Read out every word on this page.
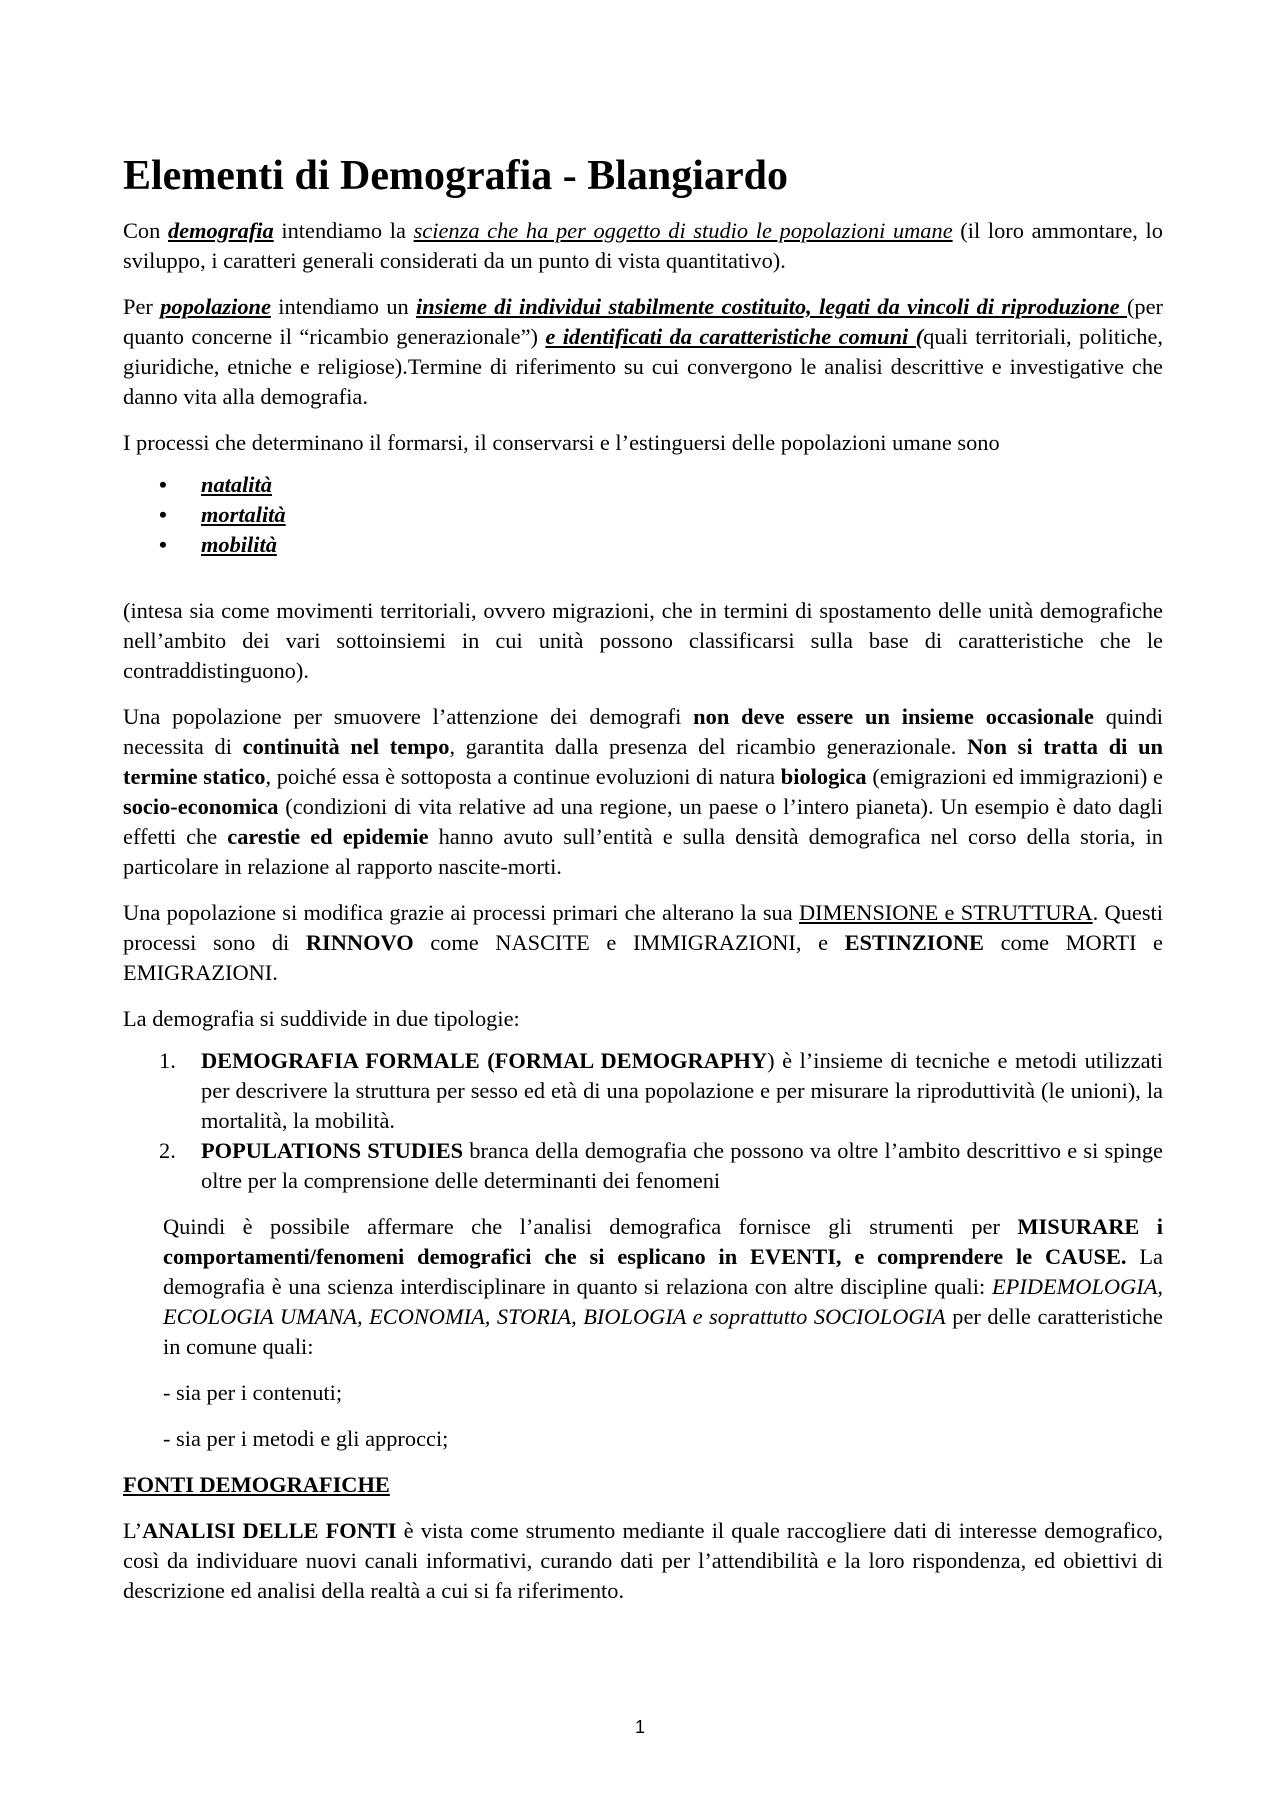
Elementi di Demografia - Blangiardo

Con demografia intendiamo la scienza che ha per oggetto di studio le popolazioni umane (il loro ammontare, lo sviluppo, i caratteri generali considerati da un punto di vista quantitativo).

Per popolazione intendiamo un insieme di individui stabilmente costituito, legati da vincoli di riproduzione (per quanto concerne il “ricambio generazionale”) e identificati da caratteristiche comuni (quali territoriali, politiche, giuridiche, etniche e religiose).Termine di riferimento su cui convergono le analisi descrittive e investigative che danno vita alla demografia.

I processi che determinano il formarsi, il conservarsi e l’estinguersi delle popolazioni umane sono

• natalità
• mortalità
• mobilità

(intesa sia come movimenti territoriali, ovvero migrazioni, che in termini di spostamento delle unità demografiche nell’ambito dei vari sottoinsiemi in cui unità possono classificarsi sulla base di caratteristiche che le contraddistinguono).

Una popolazione per smuovere l’attenzione dei demografi non deve essere un insieme occasionale quindi necessita di continuità nel tempo, garantita dalla presenza del ricambio generazionale. Non si tratta di un termine statico, poiché essa è sottoposta a continue evoluzioni di natura biologica (emigrazioni ed immigrazioni) e socio-economica (condizioni di vita relative ad una regione, un paese o l’intero pianeta). Un esempio è dato dagli effetti che carestie ed epidemie hanno avuto sull’entità e sulla densità demografica nel corso della storia, in particolare in relazione al rapporto nascite-morti.

Una popolazione si modifica grazie ai processi primari che alterano la sua DIMENSIONE e STRUTTURA. Questi processi sono di RINNOVO come NASCITE e IMMIGRAZIONI, e ESTINZIONE come MORTI e EMIGRAZIONI.

La demografia si suddivide in due tipologie:

1. DEMOGRAFIA FORMALE (FORMAL DEMOGRAPHY) è l’insieme di tecniche e metodi utilizzati per descrivere la struttura per sesso ed età di una popolazione e per misurare la riproduttività (le unioni), la mortalità, la mobilità.
2. POPULATIONS STUDIES branca della demografia che possono va oltre l’ambito descrittivo e si spinge oltre per la comprensione delle determinanti dei fenomeni

Quindi è possibile affermare che l’analisi demografica fornisce gli strumenti per MISURARE i comportamenti/fenomeni demografici che si esplicano in EVENTI, e comprendere le CAUSE. La demografia è una scienza interdisciplinare in quanto si relaziona con altre discipline quali: EPIDEMOLOGIA, ECOLOGIA UMANA, ECONOMIA, STORIA, BIOLOGIA e soprattutto SOCIOLOGIA per delle caratteristiche in comune quali:

- sia per i contenuti;
- sia per i metodi e gli approcci;
FONTI DEMOGRAFICHE

L’ANALISI DELLE FONTI è vista come strumento mediante il quale raccogliere dati di interesse demografico, così da individuare nuovi canali informativi, curando dati per l’attendibilità e la loro rispondenza, ed obiettivi di descrizione ed analisi della realtà a cui si fa riferimento.

1
